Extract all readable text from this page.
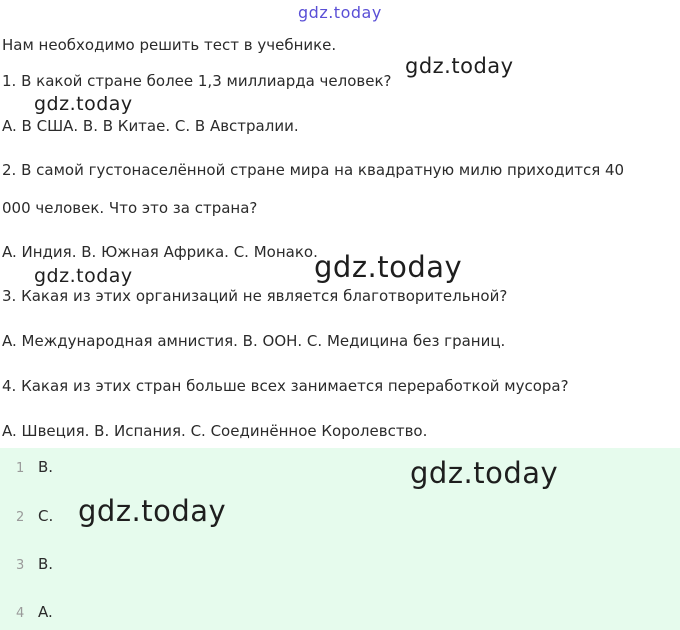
gdz.today
Нам необходимо решить тест в учебнике.
1. В какой стране более 1,3 миллиарда человек?
gdz.today
gdz.today
A. В США. B. В Китае. C. В Австралии.
2. В самой густонаселённой стране мира на квадратную милю приходится 40
000 человек. Что это за страна?
A. Индия. B. Южная Африка. C. Монако.
gdz.today
gdz.today
3. Какая из этих организаций не является благотворительной?
A. Международная амнистия. B. ООН. C. Медицина без границ.
4. Какая из этих стран больше всех занимается переработкой мусора?
A. Швеция. B. Испания. C. Соединённое Королевство.
1 B.
2 C.
3 B.
4 A.
gdz.today
gdz.today
